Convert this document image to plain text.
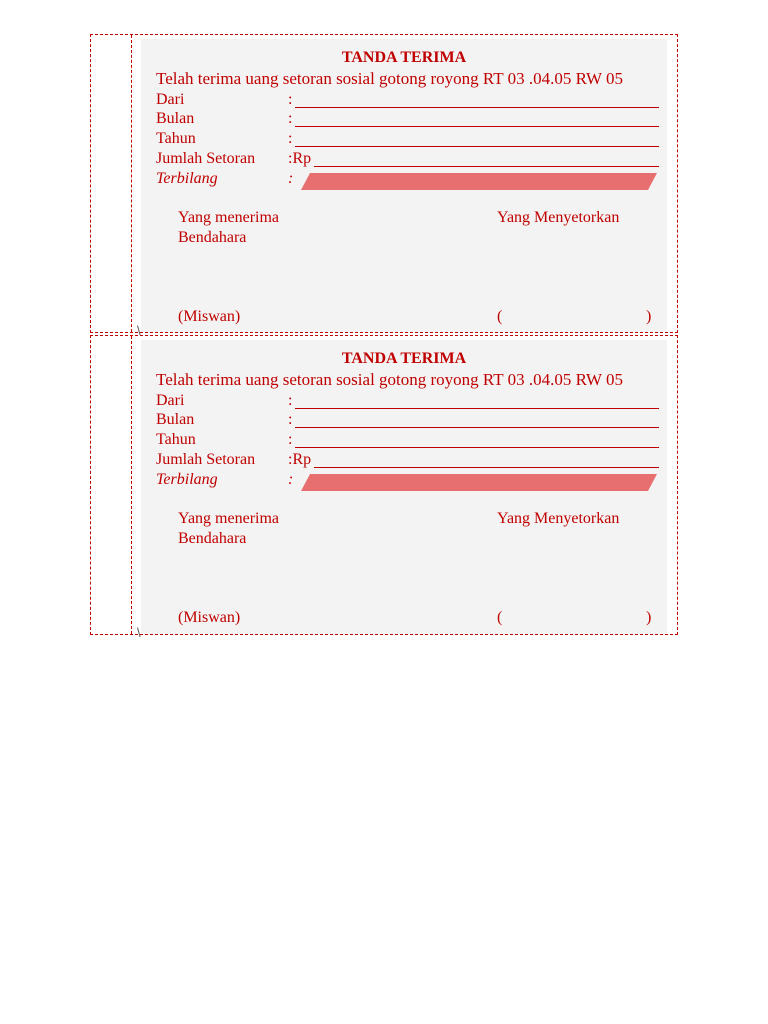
\
TANDA TERIMA
Telah terima uang setoran sosial gotong royong RT 03 .04.05 RW 05
Dari	:
Bulan	:
Tahun	:
Jumlah Setoran :Rp
Terbilang	:
Yang menerima
Bendahara
(Miswan)
Yang Menyetorkan
(	)
\
TANDA TERIMA
Telah terima uang setoran sosial gotong royong RT 03 .04.05 RW 05
Dari	:
Bulan	:
Tahun	:
Jumlah Setoran :Rp
Terbilang	:
Yang menerima
Bendahara
(Miswan)
Yang Menyetorkan
(	)
